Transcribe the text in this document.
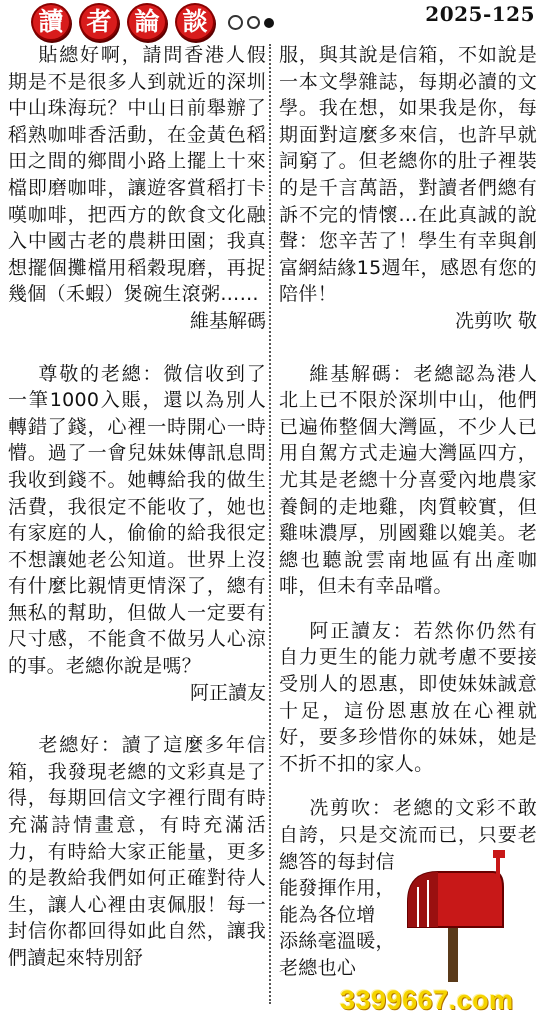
讀 者 論 談	2025-125

貼總好啊，請問香港人假期是不是很多人到就近的深圳中山珠海玩？中山日前舉辦了稻熟咖啡香活動，在金黃色稻田之間的鄉間小路上擺上十來檔即磨咖啡，讓遊客賞稻打卡嘆咖啡，把西方的飲食文化融入中國古老的農耕田園；我真想擺個攤檔用稻穀現磨，再捉幾個（禾蝦）煲碗生滾粥……

維基解碼

尊敬的老總：微信收到了一筆1000入賬，還以為別人轉錯了錢，心裡一時開心一時懵。過了一會兒妹妹傳訊息問我收到錢不。她轉給我的做生活費，我很定不能收了，她也有家庭的人，偷偷的給我很定不想讓她老公知道。世界上沒有什麼比親情更情深了，總有無私的幫助，但做人一定要有尺寸感，不能貪不做另人心涼的事。老總你說是嗎？

阿正讀友

老總好：讀了這麼多年信箱，我發現老總的文彩真是了得，每期回信文字裡行間有時充滿詩情畫意，有時充滿活力，有時給大家正能量，更多的是教給我們如何正確對待人生，讓人心裡由衷佩服！每一封信你都回得如此自然，讓我們讀起來特別舒

服，與其說是信箱，不如說是一本文學雜誌，每期必讀的文學。我在想，如果我是你，每期面對這麼多來信，也許早就詞窮了。但老總你的肚子裡裝的是千言萬語，對讀者們總有訴不完的情懷…在此真誠的說聲：您辛苦了！學生有幸與創富網結緣15週年，感恩有您的陪伴！

冼剪吹 敬

維基解碼：老總認為港人北上已不限於深圳中山，他們已遍佈整個大灣區，不少人已用自駕方式走遍大灣區四方，尤其是老總十分喜愛內地農家養飼的走地雞，肉質較實，但雞味濃厚，別國雞以媲美。老總也聽說雲南地區有出產咖啡，但未有幸品嚐。

阿正讀友：若然你仍然有自力更生的能力就考慮不要接受別人的恩惠，即使妹妹誠意十足，這份恩惠放在心裡就好，要多珍惜你的妹妹，她是不折不扣的家人。

冼剪吹：老總的文彩不敢自誇，只是交流而已，只要老總答的每封信

能發揮作用，

能為各位增

添絲毫溫暖，

老總也心

3399667.com
